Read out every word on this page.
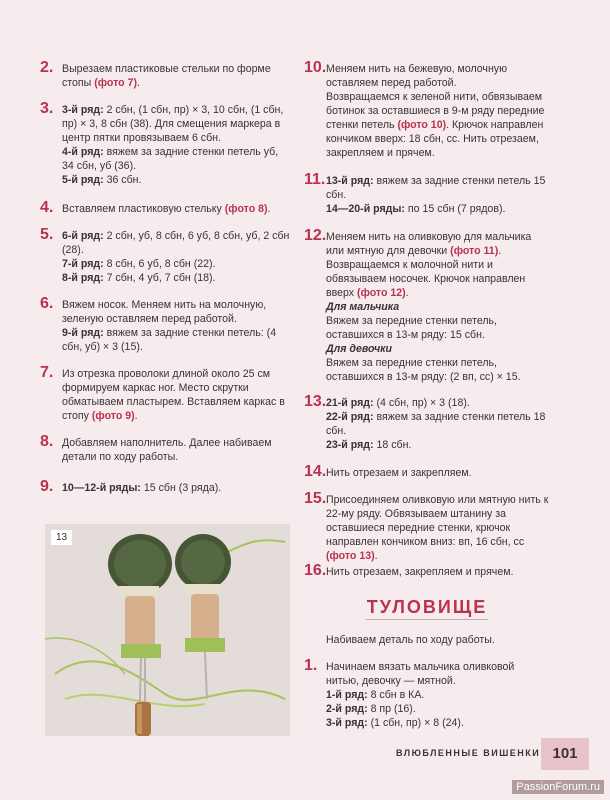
2. Вырезаем пластиковые стельки по форме стопы (фото 7).

3. 3-й ряд: 2 сбн, (1 сбн, пр) × 3, 10 сбн, (1 сбн, пр) × 3, 8 сбн (38). Для смещения маркера в центр пятки провязываем 6 сбн.

4-й ряд: вяжем за задние стенки петель уб, 34 сбн, уб (36).

5-й ряд: 36 сбн.

4. Вставляем пластиковую стельку (фото 8).

5. 6-й ряд: 2 сбн, уб, 8 сбн, 6 уб, 8 сбн, уб, 2 сбн (28).

7-й ряд: 8 сбн, 6 уб, 8 сбн (22).

8-й ряд: 7 сбн, 4 уб, 7 сбн (18).

6. Вяжем носок. Меняем нить на молочную, зеленую оставляем перед работой.

9-й ряд: вяжем за задние стенки петель: (4 сбн, уб) × 3 (15).

7. Из отрезка проволоки длиной около 25 см формируем каркас ног. Место скрутки обматываем пластырем. Вставляем каркас в стопу (фото 9).

8. Добавляем наполнитель. Далее набиваем детали по ходу работы.

9. 10—12-й ряды: 15 сбн (3 ряда).

13
10. Меняем нить на бежевую, молочную оставляем перед работой.

Возвращаемся к зеленой нити, обвязываем ботинок за оставшиеся в 9-м ряду передние стенки петель (фото 10). Крючок направлен кончиком вверх: 18 сбн, сс. Нить отрезаем, закрепляем и прячем.

11. 13-й ряд: вяжем за задние стенки петель 15 сбн.

14—20-й ряды: по 15 сбн (7 рядов).

12. Меняем нить на оливковую для мальчика или мятную для девочки (фото 11).

Возвращаемся к молочной нити и обвязываем носочек. Крючок направлен вверх (фото 12).

Для мальчика

Вяжем за передние стенки петель, оставшихся в 13-м ряду: 15 сбн.

Для девочки

Вяжем за передние стенки петель, оставшихся в 13-м ряду: (2 вп, сс) × 15.

13. 21-й ряд: (4 сбн, пр) × 3 (18).

22-й ряд: вяжем за задние стенки петель 18 сбн.

23-й ряд: 18 сбн.

14. Нить отрезаем и закрепляем.

15. Присоединяем оливковую или мятную нить к 22-му ряду. Обвязываем штанину за оставшиеся передние стенки, крючок направлен кончиком вниз: вп, 16 сбн, сс (фото 13).

16. Нить отрезаем, закрепляем и прячем.

ТУЛОВИЩЕ
Набиваем деталь по ходу работы.
1. Начинаем вязать мальчика оливковой нитью, девочку — мятной.

1-й ряд: 8 сбн в КА.

2-й ряд: 8 пр (16).

3-й ряд: (1 сбн, пр) × 8 (24).

ВЛЮБЛЕННЫЕ ВИШЕНКИ 101
PassionForum.ru
